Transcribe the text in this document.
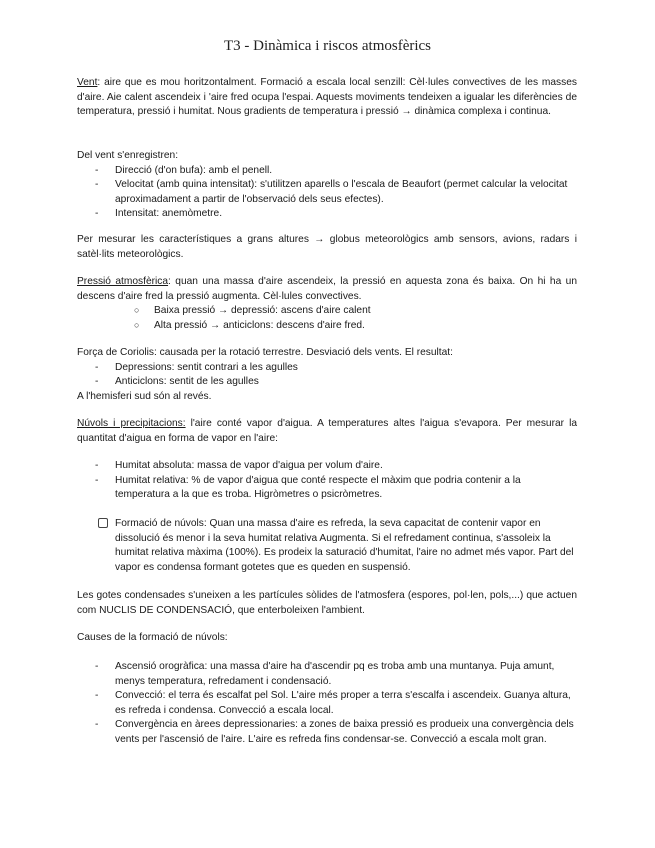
T3 - Dinàmica i riscos atmosfèrics
Vent: aire que es mou horitzontalment. Formació a escala local senzill: Cèl·lules convectives de les masses d'aire. Aie calent ascendeix i 'aire fred ocupa l'espai. Aquests moviments tendeixen a igualar les diferències de temperatura, pressió i humitat. Nous gradients de temperatura i pressió → dinàmica complexa i continua.
Del vent s'enregistren:
- Direcció (d'on bufa): amb el penell.
- Velocitat (amb quina intensitat): s'utilitzen aparells o l'escala de Beaufort (permet calcular la velocitat aproximadament a partir de l'observació dels seus efectes).
- Intensitat: anemòmetre.
Per mesurar les característiques a grans altures → globus meteorològics amb sensors, avions, radars i satèl·lits meteorològics.
Pressió atmosfèrica: quan una massa d'aire ascendeix, la pressió en aquesta zona és baixa. On hi ha un descens d'aire fred la pressió augmenta. Cèl·lules convectives.
○ Baixa pressió → depressió: ascens d'aire calent
○ Alta pressió → anticiclons: descens d'aire fred.
Força de Coriolis: causada per la rotació terrestre. Desviació dels vents. El resultat:
- Depressions: sentit contrari a les agulles
- Anticiclons: sentit de les agulles
A l'hemisferi sud són al revés.
Núvols i precipitacions: l'aire conté vapor d'aigua. A temperatures altes l'aigua s'evapora. Per mesurar la quantitat d'aigua en forma de vapor en l'aire:
- Humitat absoluta: massa de vapor d'aigua per volum d'aire.
- Humitat relativa: % de vapor d'aigua que conté respecte el màxim que podria contenir a la temperatura a la que es troba. Higròmetres o psicròmetres.
Formació de núvols: Quan una massa d'aire es refreda, la seva capacitat de contenir vapor en dissolució és menor i la seva humitat relativa Augmenta. Si el refredament continua, s'assoleix la humitat relativa màxima (100%). Es prodeix la saturació d'humitat, l'aire no admet més vapor. Part del vapor es condensa formant gotetes que es queden en suspensió.
Les gotes condensades s'uneixen a les partícules sòlides de l'atmosfera (espores, pol·len, pols,...) que actuen com NUCLIS DE CONDENSACIÓ, que enterboleixen l'ambient.
Causes de la formació de núvols:
- Ascensió orogràfica: una massa d'aire ha d'ascendir pq es troba amb una muntanya. Puja amunt, menys temperatura, refredament i condensació.
- Convecció: el terra és escalfat pel Sol. L'aire més proper a terra s'escalfa i ascendeix. Guanya altura, es refreda i condensa. Convecció a escala local.
- Convergència en àrees depressionaries: a zones de baixa pressió es produeix una convergència dels vents per l'ascensió de l'aire. L'aire es refreda fins condensar-se. Convecció a escala molt gran.
